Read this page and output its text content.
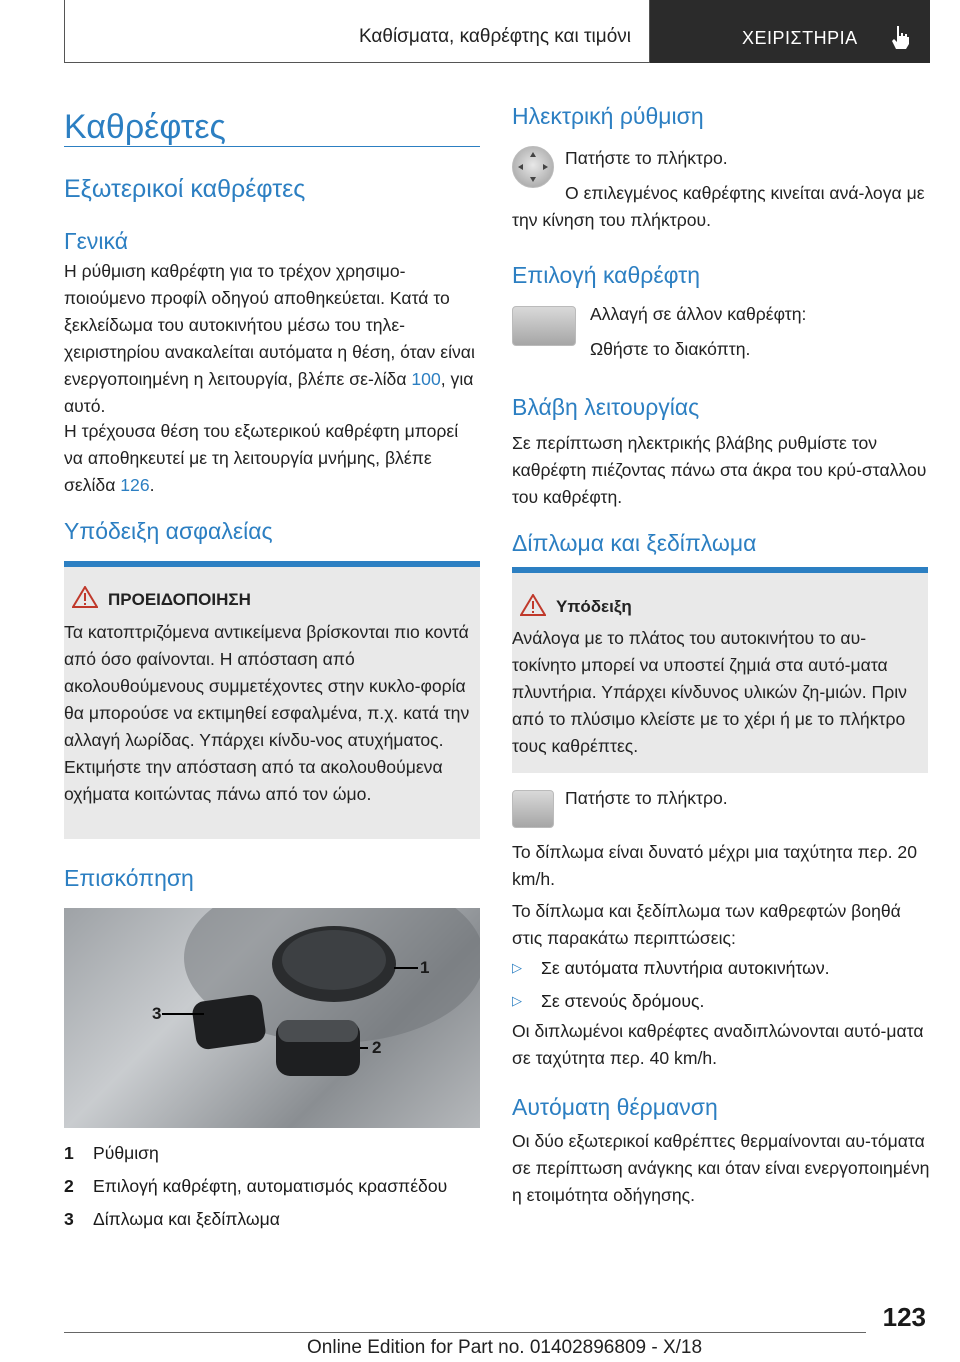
Καθίσματα, καθρέφτης και τιμόνι	ΧΕΙΡΙΣΤΗΡΙΑ
Καθρέφτες
Εξωτερικοί καθρέφτες
Γενικά

Η ρύθμιση καθρέφτη για το τρέχον χρησιμο-ποιούμενο προφίλ οδηγού αποθηκεύεται. Κατά το ξεκλείδωμα του αυτοκινήτου μέσω του τηλε-χειριστηρίου ανακαλείται αυτόματα η θέση, όταν είναι ενεργοποιημένη η λειτουργία, βλέπε σε-λίδα 100, για αυτό.

Η τρέχουσα θέση του εξωτερικού καθρέφτη μπορεί να αποθηκευτεί με τη λειτουργία μνήμης, βλέπε σελίδα 126.

Υπόδειξη ασφαλείας
ΠΡΟΕΙΔΟΠΟΙΗΣΗ

Τα κατοπτριζόμενα αντικείμενα βρίσκονται πιο κοντά από όσο φαίνονται. Η απόσταση από ακολουθούμενους συμμετέχοντες στην κυκλο-φορία θα μπορούσε να εκτιμηθεί εσφαλμένα, π.χ. κατά την αλλαγή λωρίδας. Υπάρχει κίνδυ-νος ατυχήματος. Εκτιμήστε την απόσταση από τα ακολουθούμενα οχήματα κοιτώντας πάνω από τον ώμο.

Επισκόπηση
1
2
3
1 Ρύθμιση
2 Επιλογή καθρέφτη, αυτοματισμός κρασπέδου
3 Δίπλωμα και ξεδίπλωμα
Ηλεκτρική ρύθμιση

Πατήστε το πλήκτρο.

Ο επιλεγμένος καθρέφτης κινείται ανά-λογα με την κίνηση του πλήκτρου.

Επιλογή καθρέφτη

Αλλαγή σε άλλον καθρέφτη:

Ωθήστε το διακόπτη.

Βλάβη λειτουργίας

Σε περίπτωση ηλεκτρικής βλάβης ρυθμίστε τον καθρέφτη πιέζοντας πάνω στα άκρα του κρύ-σταλλου του καθρέφτη.

Δίπλωμα και ξεδίπλωμα
Υπόδειξη

Ανάλογα με το πλάτος του αυτοκινήτου το αυ-τοκίνητο μπορεί να υποστεί ζημιά στα αυτό-ματα πλυντήρια. Υπάρχει κίνδυνος υλικών ζη-μιών. Πριν από το πλύσιμο κλείστε με το χέρι ή με το πλήκτρο τους καθρέπτες.

Πατήστε το πλήκτρο.

Το δίπλωμα είναι δυνατό μέχρι μια ταχύτητα περ. 20 km/h.

Το δίπλωμα και ξεδίπλωμα των καθρεφτών βοηθά στις παρακάτω περιπτώσεις:

▷ Σε αυτόματα πλυντήρια αυτοκινήτων.
▷ Σε στενούς δρόμους.

Οι διπλωμένοι καθρέφτες αναδιπλώνονται αυτό-ματα σε ταχύτητα περ. 40 km/h.

Αυτόματη θέρμανση

Οι δύο εξωτερικοί καθρέπτες θερμαίνονται αυ-τόματα σε περίπτωση ανάγκης και όταν είναι ενεργοποιημένη η ετοιμότητα οδήγησης.

123
Online Edition for Part no. 01402896809 - X/18
